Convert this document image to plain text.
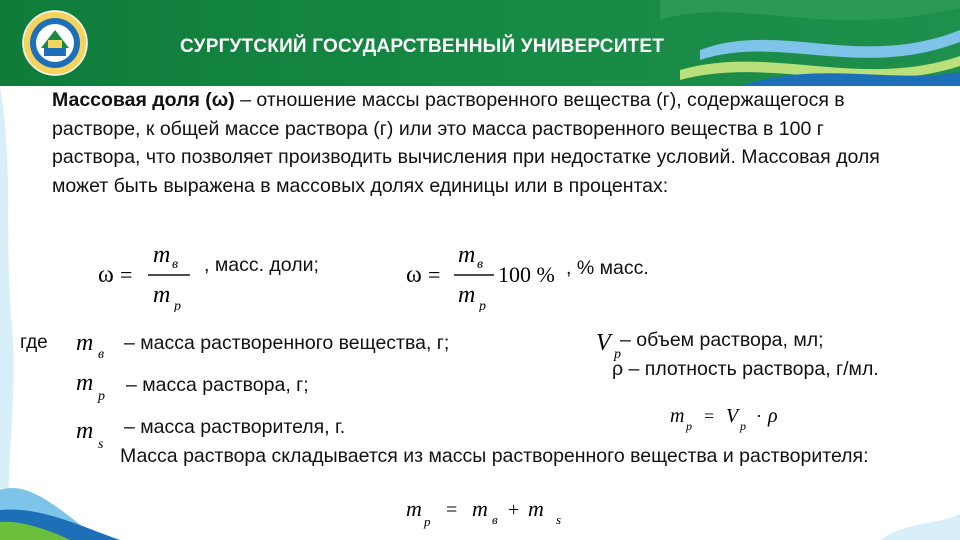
СУРГУТСКИЙ ГОСУДАРСТВЕННЫЙ УНИВЕРСИТЕТ
Массовая доля (ω) – отношение массы растворенного вещества (г), содержащегося в растворе, к общей массе раствора (г) или это масса растворенного вещества в 100 г раствора, что позволяет производить вычисления при недостатке условий. Массовая доля может быть выражена в массовых долях единицы или в процентах:
ω =
m в
m р
, масс. доли;	ω =
m в
m р
100 % , % масс.
где m в
– масса растворенного вещества, г;
m
p
– масса раствора, г;
m
s
– масса растворителя, г.
V p
– объем раствора, мл;
ρ – плотность раствора, г/мл.
m p = V p · ρ
Масса раствора складывается из массы растворенного вещества и растворителя:
m
p
= m в + m s
